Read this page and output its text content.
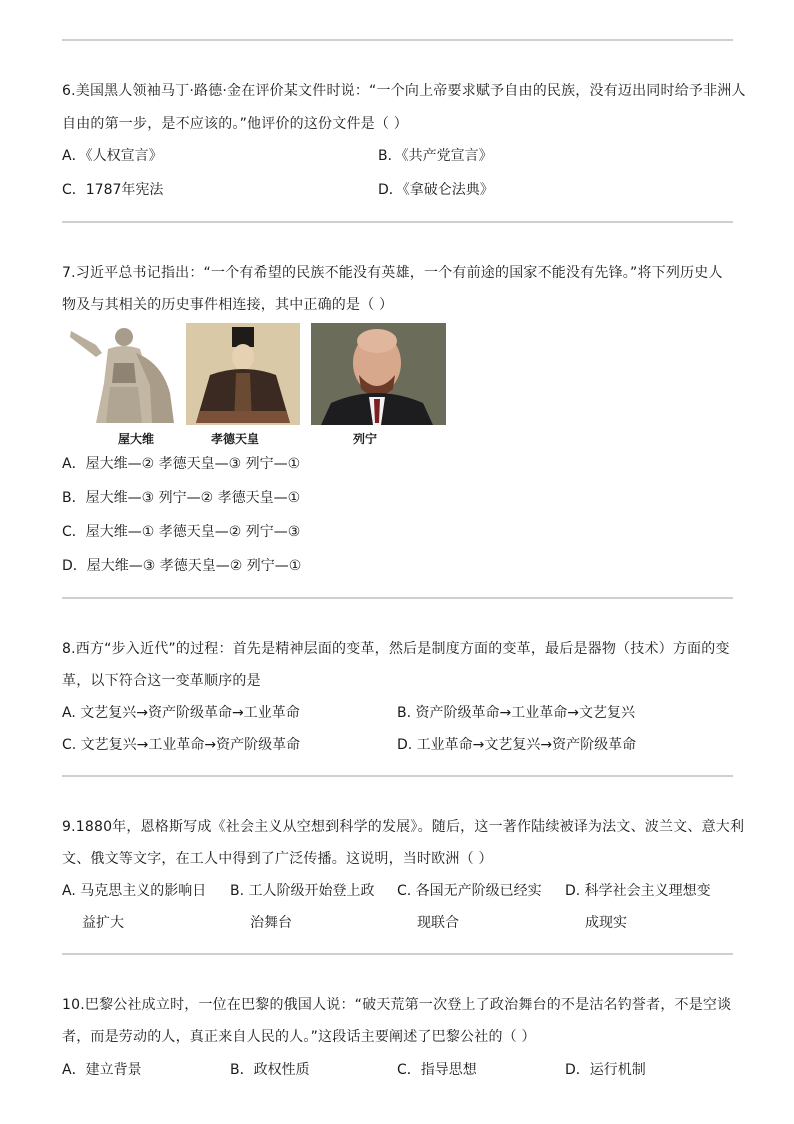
6.美国黑人领袖马丁·路德·金在评价某文件时说：“一个向上帝要求赋予自由的民族，没有迈出同时给予非洲人
自由的第一步，是不应该的。”他评价的这份文件是（ ）
A．《人权宣言》	B．《共产党宣言》
C．1787年宪法	D．《拿破仑法典》
7.习近平总书记指出：“一个有希望的民族不能没有英雄，一个有前途的国家不能没有先锋。”将下列历史人
物及与其相关的历史事件相连接，其中正确的是（ ）
屋大维	孝德天皇	列宁
A．屋大维—② 孝德天皇—③ 列宁—①
B．屋大维—③ 列宁—② 孝德天皇—①
C．屋大维—① 孝德天皇—② 列宁—③
D．屋大维—③ 孝德天皇—② 列宁—①
8.西方“步入近代”的过程：首先是精神层面的变革，然后是制度方面的变革，最后是器物（技术）方面的变
革，以下符合这一变革顺序的是
A. 文艺复兴→资产阶级革命→工业革命	B. 资产阶级革命→工业革命→文艺复兴
C. 文艺复兴→工业革命→资产阶级革命	D. 工业革命→文艺复兴→资产阶级革命
9.1880年，恩格斯写成《社会主义从空想到科学的发展》。随后，这一著作陆续被译为法文、波兰文、意大利
文、俄文等文字，在工人中得到了广泛传播。这说明，当时欧洲（ ）
A. 马克思主义的影响日
益扩大
B. 工人阶级开始登上政
治舞台
C. 各国无产阶级已经实
现联合
D. 科学社会主义理想变
成现实
10.巴黎公社成立时，一位在巴黎的俄国人说：“破天荒第一次登上了政治舞台的不是沽名钓誉者，不是空谈
者，而是劳动的人，真正来自人民的人。”这段话主要阐述了巴黎公社的（ ）
A．建立背景	B．政权性质	C．指导思想	D．运行机制
